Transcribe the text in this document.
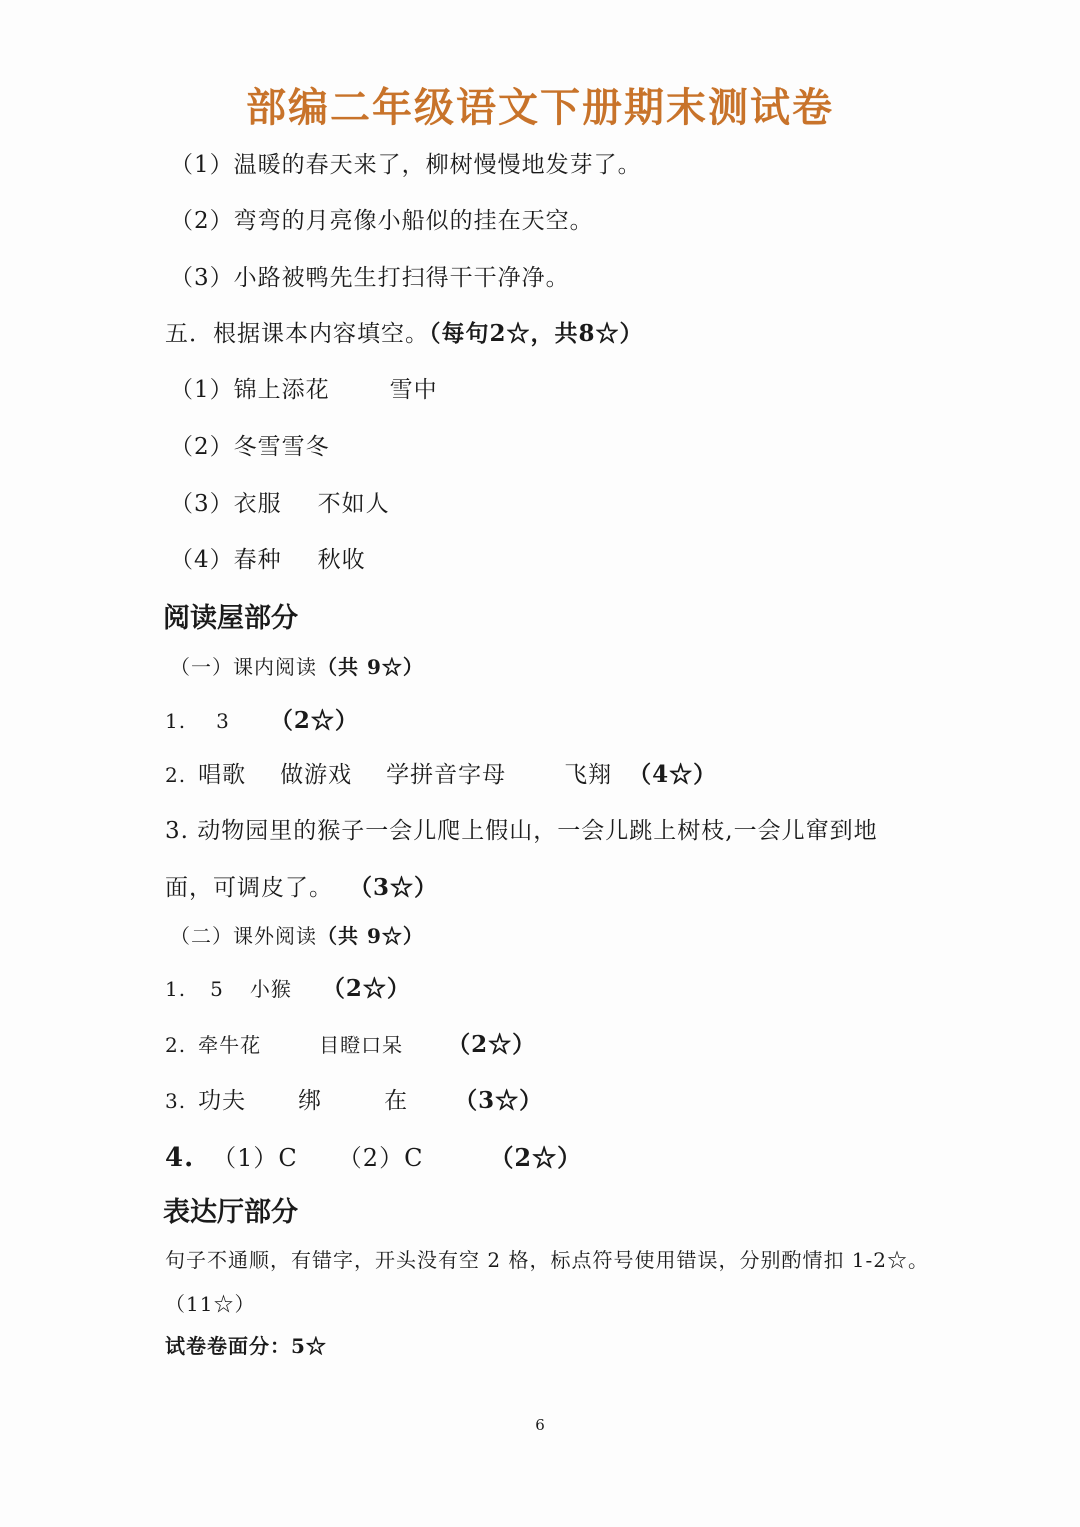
部编二年级语文下册期末测试卷
（1）温暖的春天来了，柳树慢慢地发芽了。
（2）弯弯的月亮像小船似的挂在天空。
（3）小路被鸭先生打扫得干干净净。
五．根据课本内容填空。（每句2☆，共8☆）
（1）锦上添花	雪中
（2）冬雪雪冬
（3）衣服 不如人
（4）春种 秋收
阅读屋部分
（一）课内阅读（共 9☆）
1. 3 （2☆）
2. 唱歌 做游戏 学拼音字母	飞翔 （4☆）
3. 动物园里的猴子一会儿爬上假山，一会儿跳上树枝,一会儿窜到地
面，可调皮了。 （3☆）
（二）课外阅读（共 9☆）
1. 5 小猴 （2☆）
2. 牵牛花	目瞪口呆 （2☆）
3. 功夫 绑	在 （3☆）
4. （1）C （2）C	（2☆）
表达厅部分
句子不通顺，有错字，开头没有空 2 格，标点符号使用错误，分别酌情扣 1-2☆。
（11☆）
试卷卷面分：5☆
6
